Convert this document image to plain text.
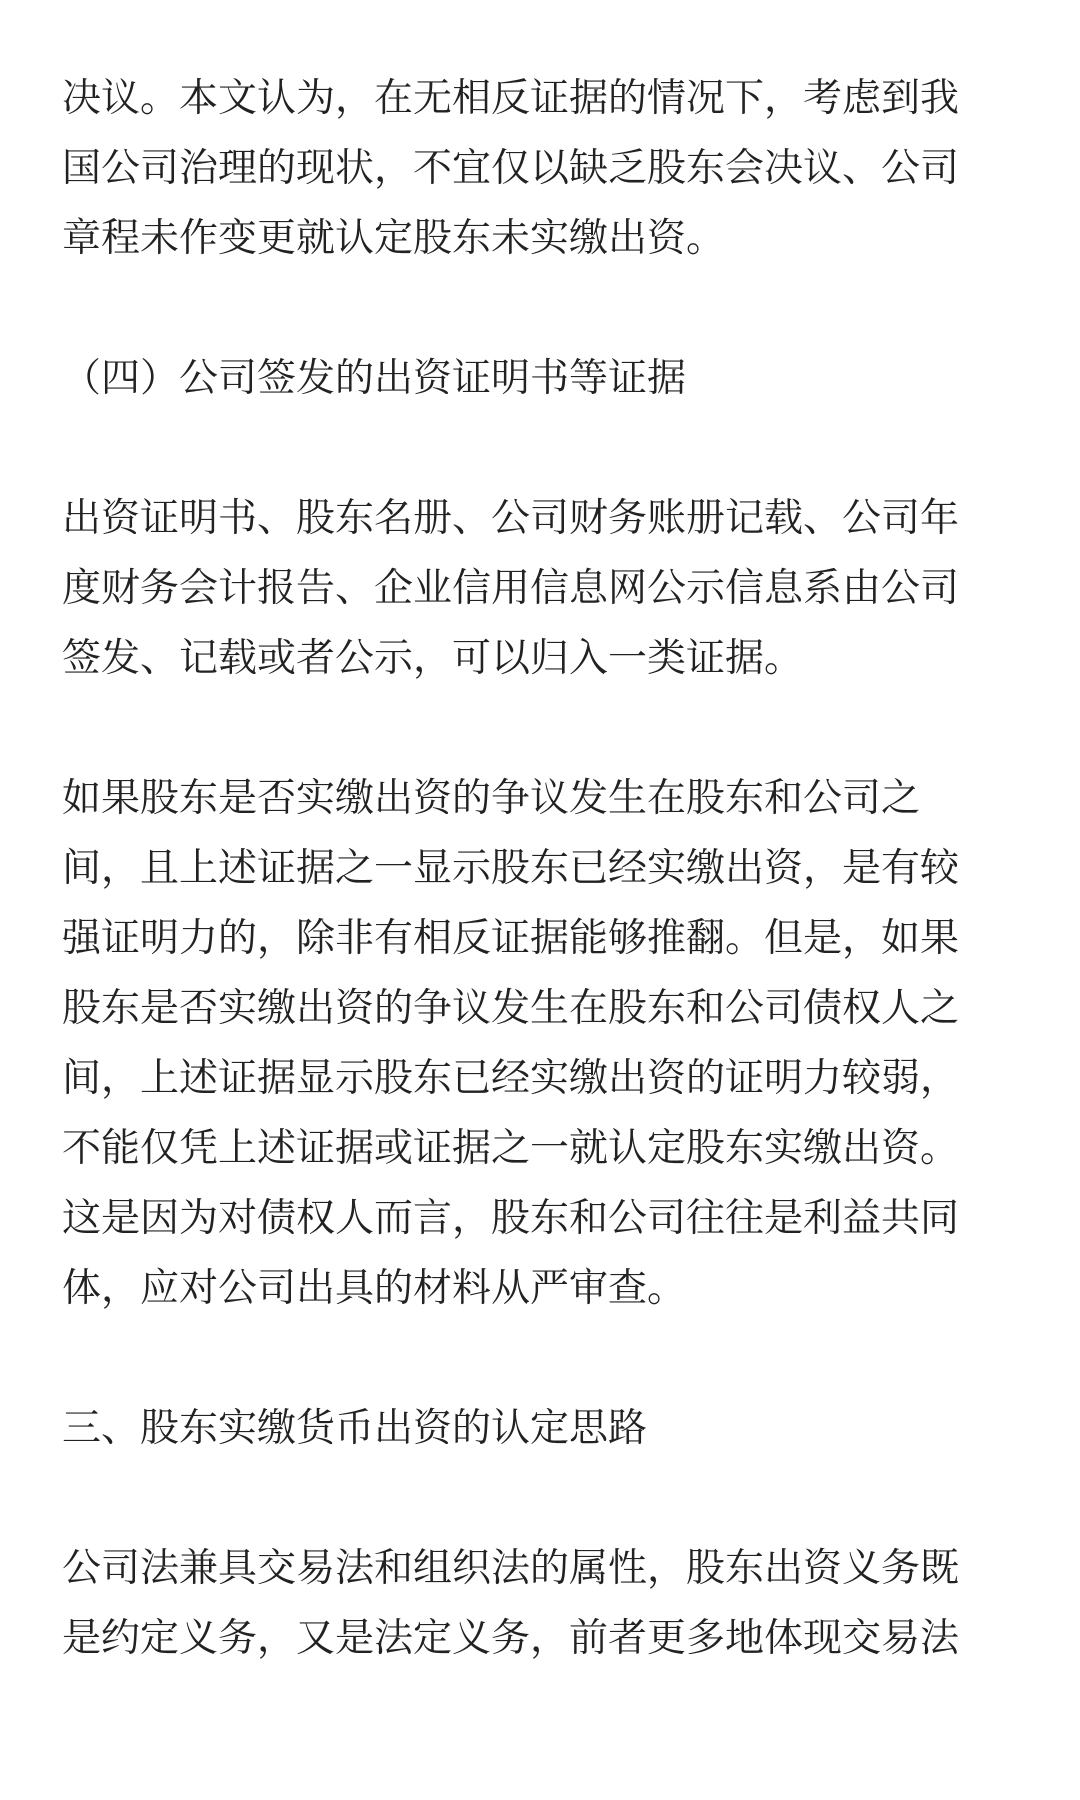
决议。本文认为，在无相反证据的情况下，考虑到我
国公司治理的现状，不宜仅以缺乏股东会决议、公司
章程未作变更就认定股东未实缴出资。
（四）公司签发的出资证明书等证据
出资证明书、股东名册、公司财务账册记载、公司年
度财务会计报告、企业信用信息网公示信息系由公司
签发、记载或者公示，可以归入一类证据。
如果股东是否实缴出资的争议发生在股东和公司之
间，且上述证据之一显示股东已经实缴出资，是有较
强证明力的，除非有相反证据能够推翻。但是，如果
股东是否实缴出资的争议发生在股东和公司债权人之
间，上述证据显示股东已经实缴出资的证明力较弱，
不能仅凭上述证据或证据之一就认定股东实缴出资。
这是因为对债权人而言，股东和公司往往是利益共同
体，应对公司出具的材料从严审查。
三、股东实缴货币出资的认定思路
公司法兼具交易法和组织法的属性，股东出资义务既
是约定义务，又是法定义务，前者更多地体现交易法
